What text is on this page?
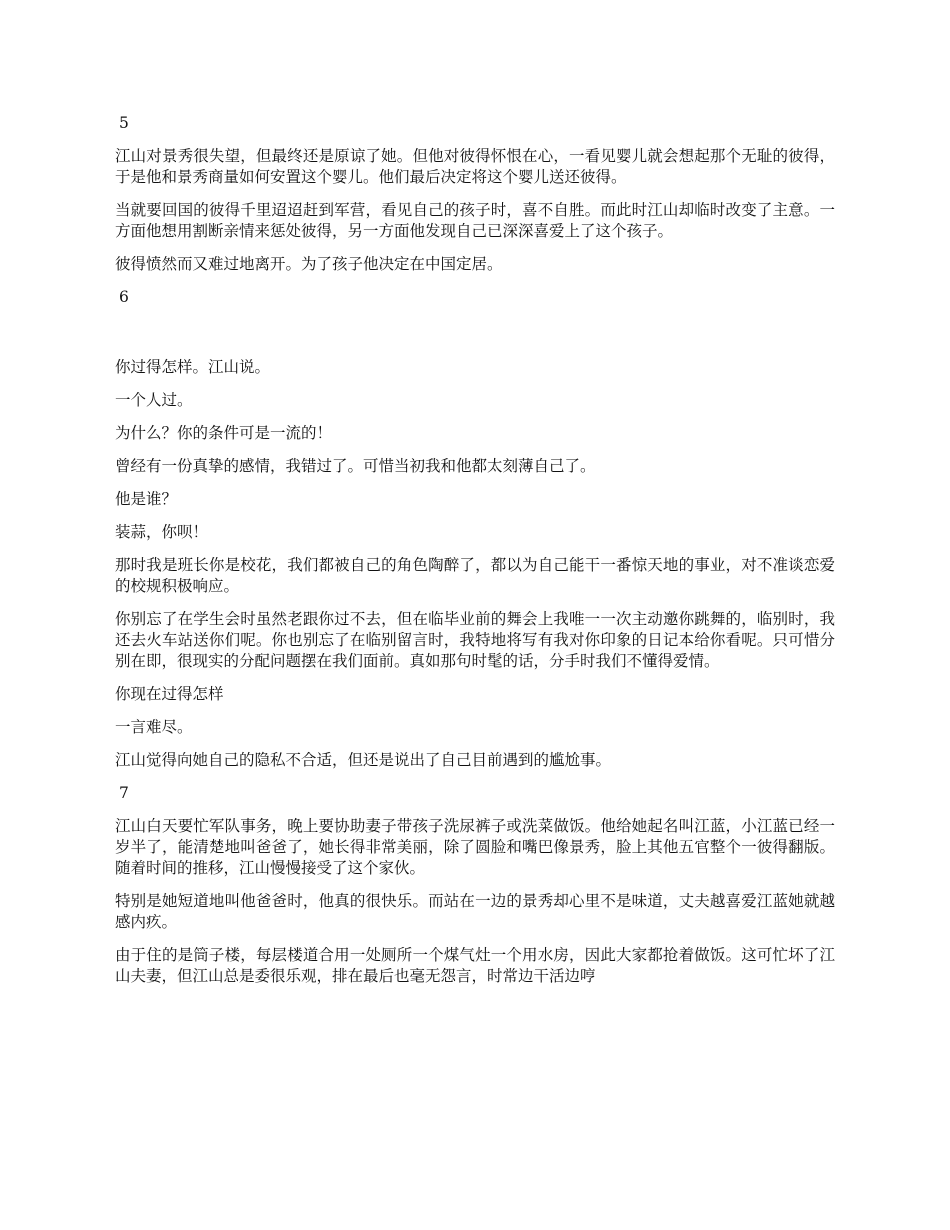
5

江山对景秀很失望，但最终还是原谅了她。但他对彼得怀恨在心，一看见婴儿就会想起那个无耻的彼得，于是他和景秀商量如何安置这个婴儿。他们最后决定将这个婴儿送还彼得。

当就要回国的彼得千里迢迢赶到军营，看见自己的孩子时，喜不自胜。而此时江山却临时改变了主意。一方面他想用割断亲情来惩处彼得，另一方面他发现自己已深深喜爱上了这个孩子。

彼得愤然而又难过地离开。为了孩子他决定在中国定居。

6

你过得怎样。江山说。

一个人过。

为什么？你的条件可是一流的！

曾经有一份真挚的感情，我错过了。可惜当初我和他都太刻薄自己了。

他是谁？

装蒜，你呗！

那时我是班长你是校花，我们都被自己的角色陶醉了，都以为自己能干一番惊天地的事业，对不准谈恋爱的校规积极响应。

你别忘了在学生会时虽然老跟你过不去，但在临毕业前的舞会上我唯一一次主动邀你跳舞的，临别时，我还去火车站送你们呢。你也别忘了在临别留言时，我特地将写有我对你印象的日记本给你看呢。只可惜分别在即，很现实的分配问题摆在我们面前。真如那句时髦的话，分手时我们不懂得爱情。

你现在过得怎样

一言难尽。

江山觉得向她自己的隐私不合适，但还是说出了自己目前遇到的尴尬事。

7

江山白天要忙军队事务，晚上要协助妻子带孩子洗尿裤子或洗菜做饭。他给她起名叫江蓝，小江蓝已经一岁半了，能清楚地叫爸爸了，她长得非常美丽，除了圆脸和嘴巴像景秀，脸上其他五官整个一彼得翻版。随着时间的推移，江山慢慢接受了这个家伙。

特别是她短道地叫他爸爸时，他真的很快乐。而站在一边的景秀却心里不是味道，丈夫越喜爱江蓝她就越感内疚。

由于住的是筒子楼，每层楼道合用一处厕所一个煤气灶一个用水房，因此大家都抢着做饭。这可忙坏了江山夫妻，但江山总是委很乐观，排在最后也毫无怨言，时常边干活边哼
